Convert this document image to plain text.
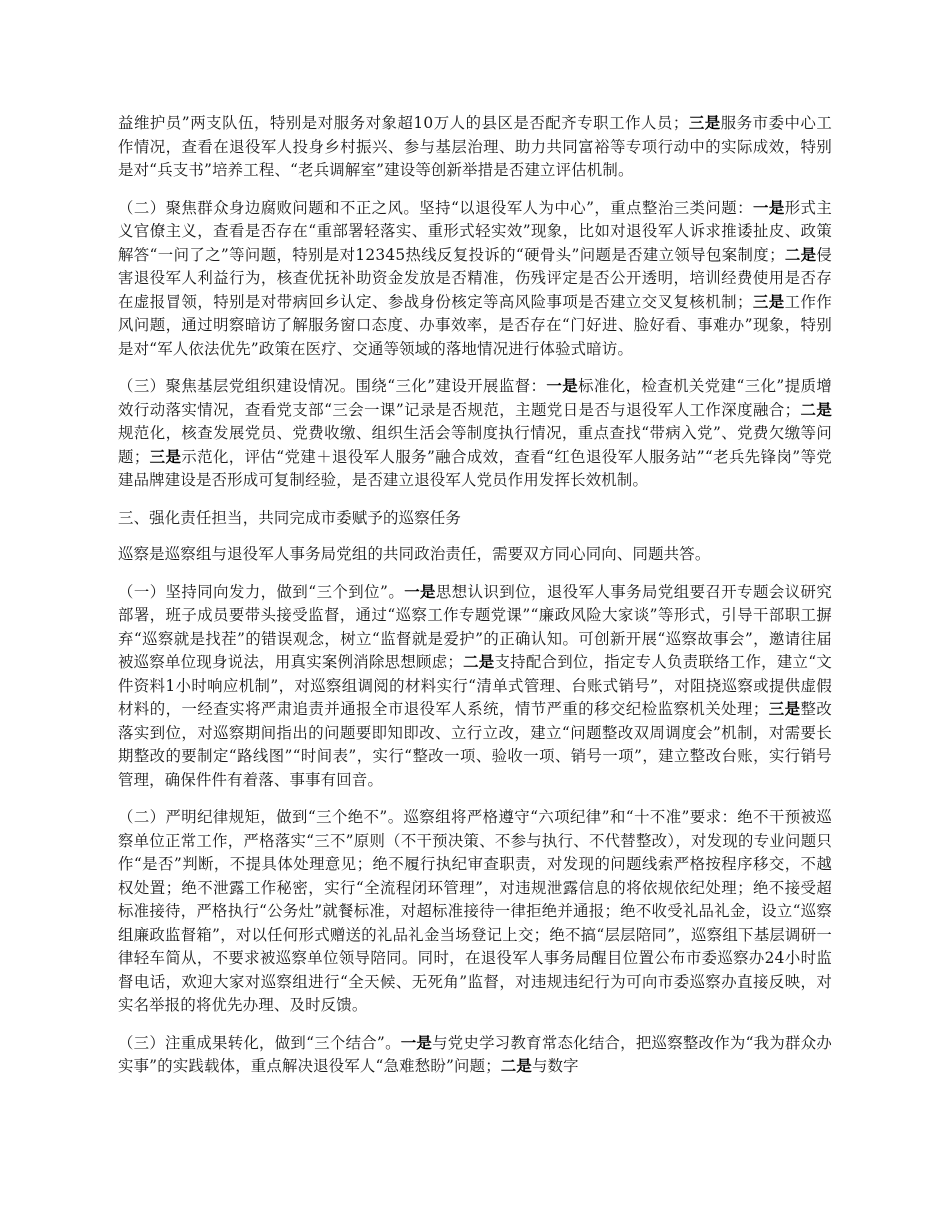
益维护员”两支队伍，特别是对服务对象超10万人的县区是否配齐专职工作人员；三是服务市委中心工作情况，查看在退役军人投身乡村振兴、参与基层治理、助力共同富裕等专项行动中的实际成效，特别是对“兵支书”培养工程、“老兵调解室”建设等创新举措是否建立评估机制。

（二）聚焦群众身边腐败问题和不正之风。坚持“以退役军人为中心”，重点整治三类问题：一是形式主义官僚主义，查看是否存在“重部署轻落实、重形式轻实效”现象，比如对退役军人诉求推诿扯皮、政策解答“一问了之”等问题，特别是对12345热线反复投诉的“硬骨头”问题是否建立领导包案制度；二是侵害退役军人利益行为，核查优抚补助资金发放是否精准，伤残评定是否公开透明，培训经费使用是否存在虚报冒领，特别是对带病回乡认定、参战身份核定等高风险事项是否建立交叉复核机制；三是工作作风问题，通过明察暗访了解服务窗口态度、办事效率，是否存在“门好进、脸好看、事难办”现象，特别是对“军人依法优先”政策在医疗、交通等领域的落地情况进行体验式暗访。

（三）聚焦基层党组织建设情况。围绕“三化”建设开展监督：一是标准化，检查机关党建“三化”提质增效行动落实情况，查看党支部“三会一课”记录是否规范，主题党日是否与退役军人工作深度融合；二是规范化，核查发展党员、党费收缴、组织生活会等制度执行情况，重点查找“带病入党”、党费欠缴等问题；三是示范化，评估“党建＋退役军人服务”融合成效，查看“红色退役军人服务站”“老兵先锋岗”等党建品牌建设是否形成可复制经验，是否建立退役军人党员作用发挥长效机制。

三、强化责任担当，共同完成市委赋予的巡察任务

巡察是巡察组与退役军人事务局党组的共同政治责任，需要双方同心同向、同题共答。

（一）坚持同向发力，做到“三个到位”。一是思想认识到位，退役军人事务局党组要召开专题会议研究部署，班子成员要带头接受监督，通过“巡察工作专题党课”“廉政风险大家谈”等形式，引导干部职工摒弃“巡察就是找茬”的错误观念，树立“监督就是爱护”的正确认知。可创新开展“巡察故事会”，邀请往届被巡察单位现身说法，用真实案例消除思想顾虑；二是支持配合到位，指定专人负责联络工作，建立“文件资料1小时响应机制”，对巡察组调阅的材料实行“清单式管理、台账式销号”，对阻挠巡察或提供虚假材料的，一经查实将严肃追责并通报全市退役军人系统，情节严重的移交纪检监察机关处理；三是整改落实到位，对巡察期间指出的问题要即知即改、立行立改，建立“问题整改双周调度会”机制，对需要长期整改的要制定“路线图”“时间表”，实行“整改一项、验收一项、销号一项”，建立整改台账，实行销号管理，确保件件有着落、事事有回音。

（二）严明纪律规矩，做到“三个绝不”。巡察组将严格遵守“六项纪律”和“十不准”要求：绝不干预被巡察单位正常工作，严格落实“三不”原则（不干预决策、不参与执行、不代替整改），对发现的专业问题只作“是否”判断，不提具体处理意见；绝不履行执纪审查职责，对发现的问题线索严格按程序移交，不越权处置；绝不泄露工作秘密，实行“全流程闭环管理”，对违规泄露信息的将依规依纪处理；绝不接受超标准接待，严格执行“公务灶”就餐标准，对超标准接待一律拒绝并通报；绝不收受礼品礼金，设立“巡察组廉政监督箱”，对以任何形式赠送的礼品礼金当场登记上交；绝不搞“层层陪同”，巡察组下基层调研一律轻车简从，不要求被巡察单位领导陪同。同时，在退役军人事务局醒目位置公布市委巡察办24小时监督电话，欢迎大家对巡察组进行“全天候、无死角”监督，对违规违纪行为可向市委巡察办直接反映，对实名举报的将优先办理、及时反馈。

（三）注重成果转化，做到“三个结合”。一是与党史学习教育常态化结合，把巡察整改作为“我为群众办实事”的实践载体，重点解决退役军人“急难愁盼”问题；二是与数字
